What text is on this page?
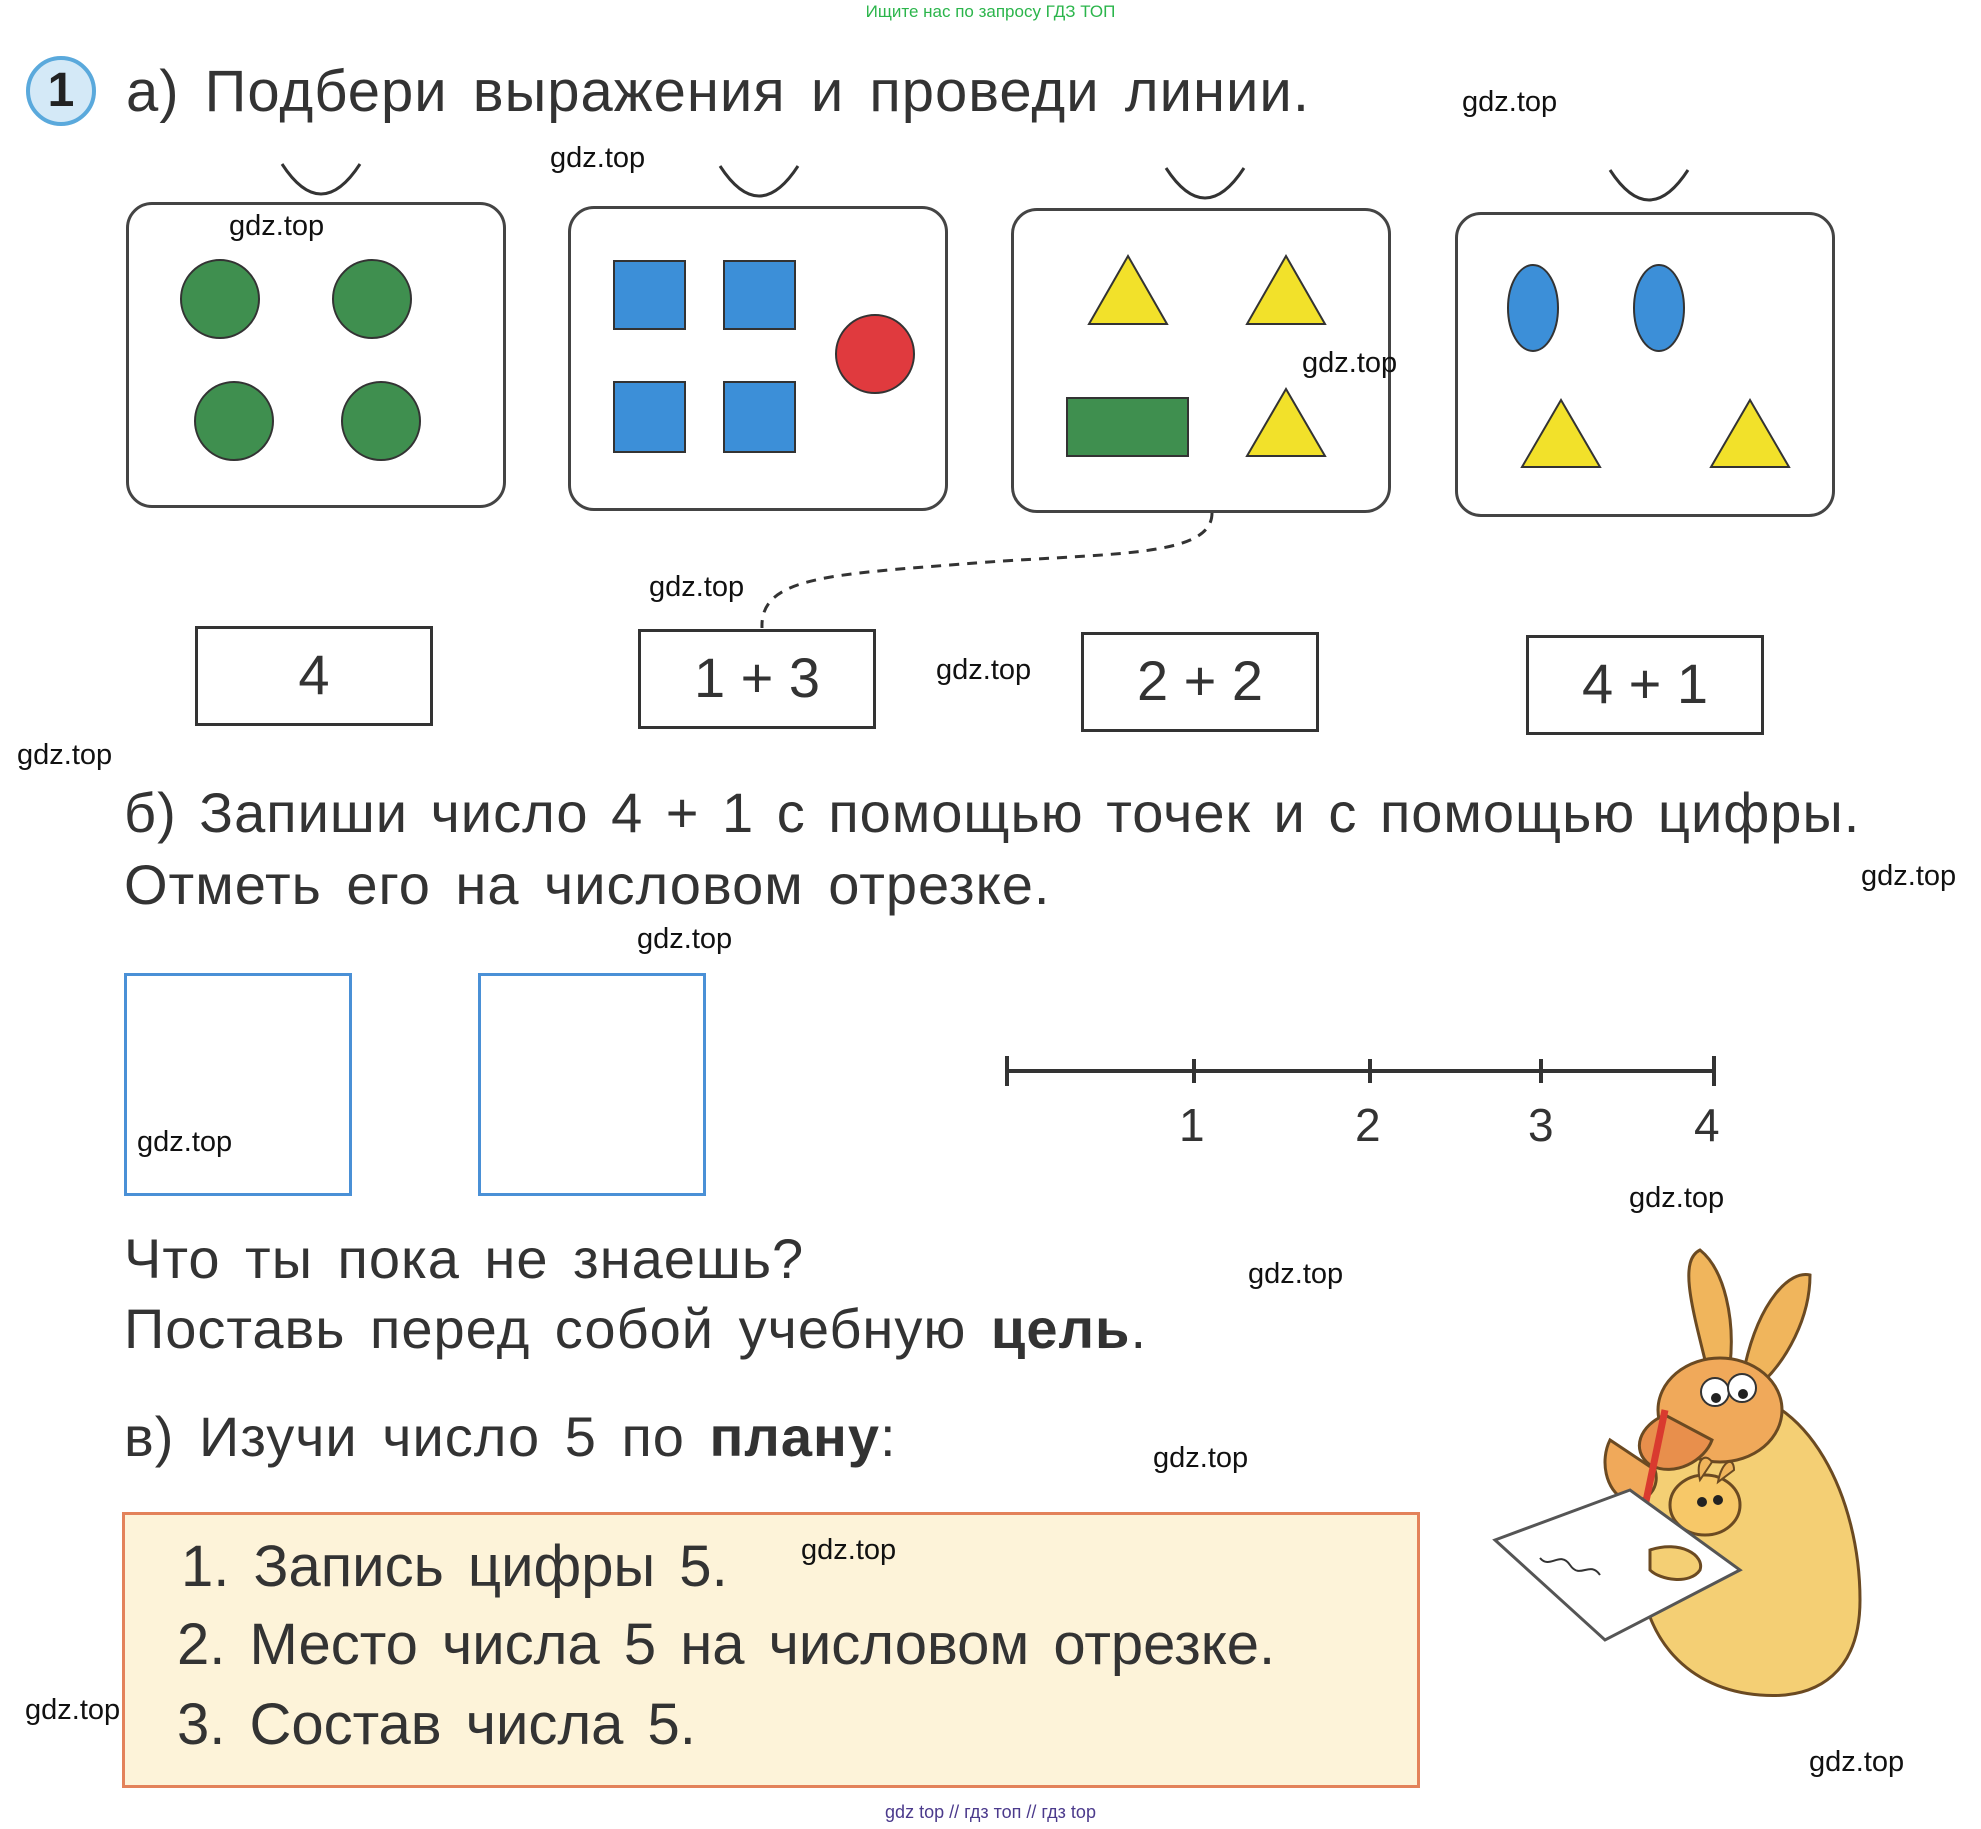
Ищите нас по запросу ГДЗ ТОП
1 а) Подбери выражения и проведи линии.
4	1 + 3	2 + 2	4 + 1
б) Запиши число 4 + 1 с помощью точек и с помощью цифры.
Отметь его на числовом отрезке.
1	2	3	4
Что ты пока не знаешь?
Поставь перед собой учебную цель.
в) Изучи число 5 по плану:
1. Запись цифры 5.
2. Место числа 5 на числовом отрезке.
3. Состав числа 5.
gdz.top
gdz.top
gdz.top
gdz.top
gdz.top
gdz.top
gdz.top
gdz.top
gdz.top
gdz.top
gdz.top
gdz.top
gdz.top
gdz.top
gdz.top
gdz.top
gdz top // гдз топ // гдз top
